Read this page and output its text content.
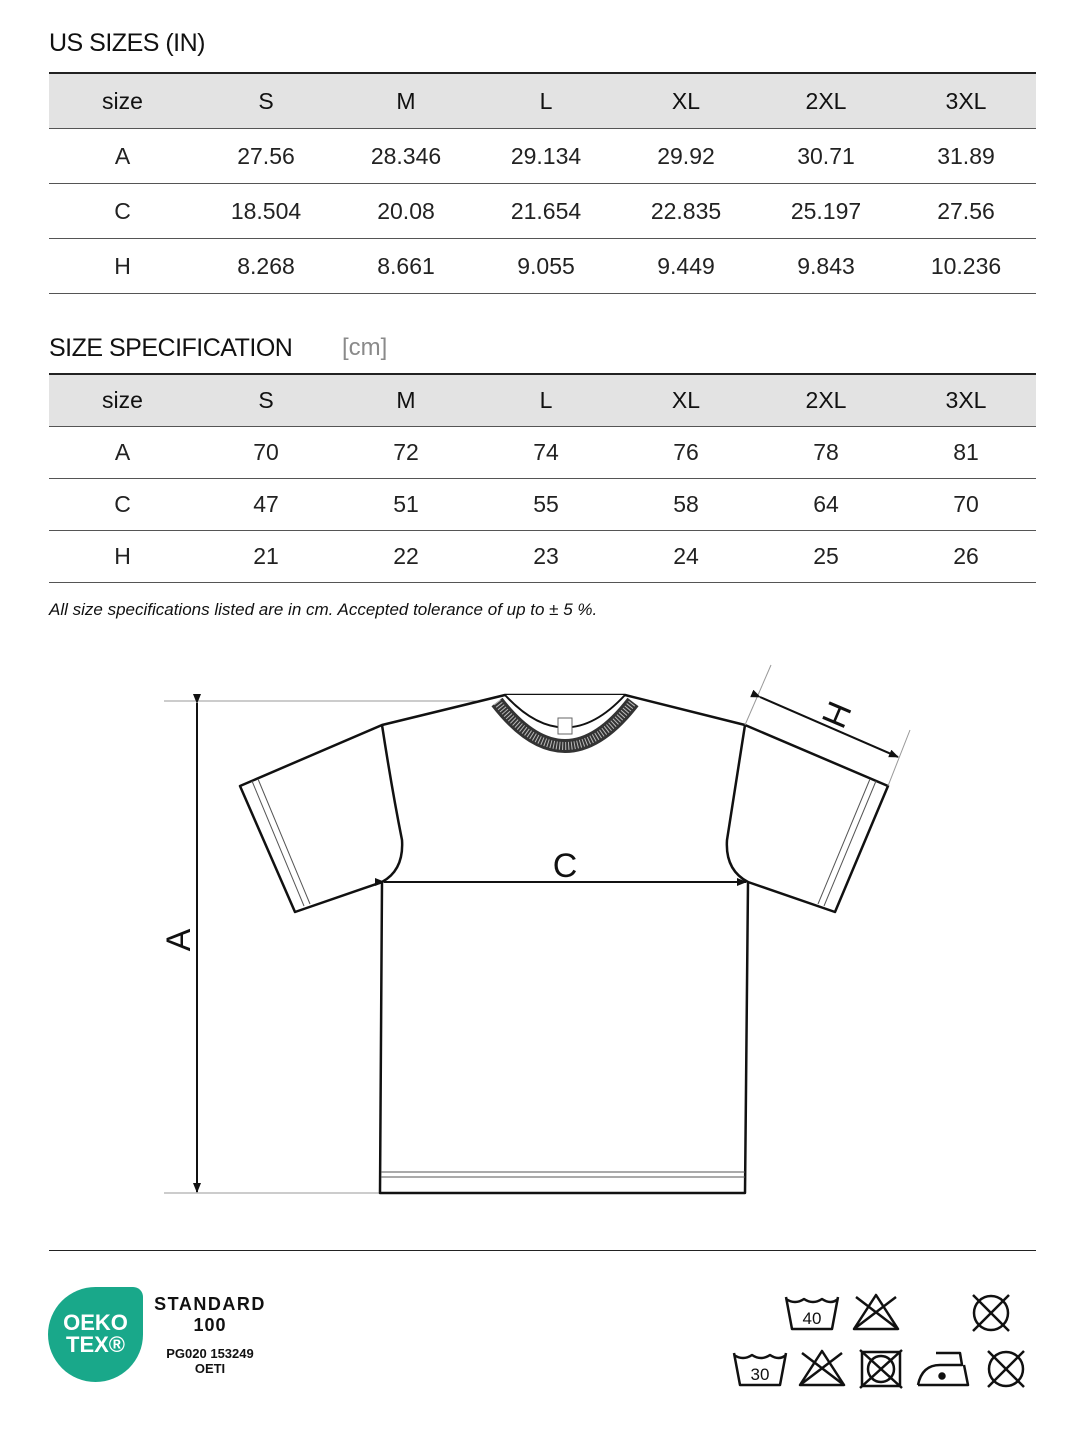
US SIZES (IN)
size	S	M	L	XL	2XL	3XL
A	27.56	28.346	29.134	29.92	30.71	31.89
C	18.504	20.08	21.654	22.835	25.197	27.56
H	8.268	8.661	9.055	9.449	9.843	10.236
SIZE SPECIFICATION [cm]
size	S	M	L	XL	2XL	3XL
A	70	72	74	76	78	81
C	47	51	55	58	64	70
H	21	22	23	24	25	26
All size specifications listed are in cm. Accepted tolerance of up to ± 5 %.
C
A
H
OEKO
TEX®
STANDARD
100
PG020 153249
OETI
40
30
